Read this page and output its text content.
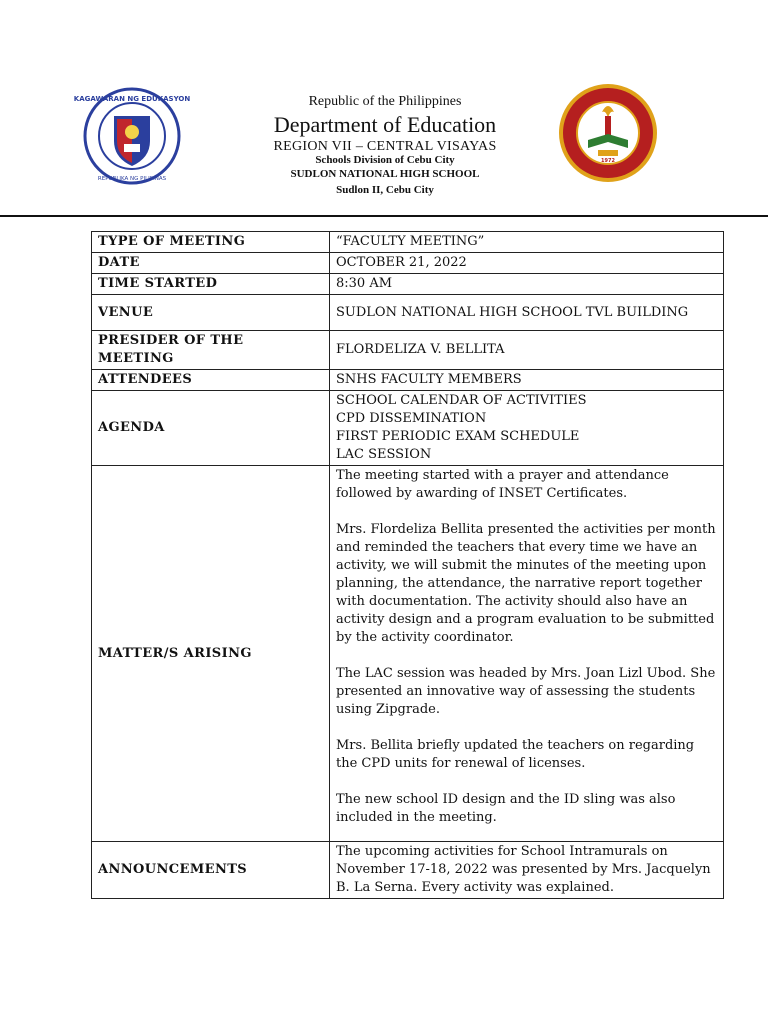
KAGAWARAN NG EDUKASYON
REPUBLIKA NG PILIPINAS
Republic of the Philippines
Department of Education
REGION VII – CENTRAL VISAYAS
Schools Division of Cebu City
SUDLON NATIONAL HIGH SCHOOL
Sudlon II, Cebu City
1972
TYPE OF MEETING	“FACULTY MEETING”
DATE	OCTOBER 21, 2022
TIME STARTED	8:30 AM
VENUE	SUDLON NATIONAL HIGH SCHOOL TVL BUILDING
PRESIDER OF THE MEETING	FLORDELIZA V. BELLITA
ATTENDEES	SNHS FACULTY MEMBERS
AGENDA	SCHOOL CALENDAR OF ACTIVITIES
CPD DISSEMINATION
FIRST PERIODIC EXAM SCHEDULE
LAC SESSION

MATTER/S ARISING	The meeting started with a prayer and attendance followed by awarding of INSET Certificates.

Mrs. Flordeliza Bellita presented the activities per month and reminded the teachers that every time we have an activity, we will submit the minutes of the meeting upon planning, the attendance, the narrative report together with documentation. The activity should also have an activity design and a program evaluation to be submitted by the activity coordinator.

The LAC session was headed by Mrs. Joan Lizl Ubod. She presented an innovative way of assessing the students using Zipgrade.

Mrs. Bellita briefly updated the teachers on regarding the CPD units for renewal of licenses.

The new school ID design and the ID sling was also included in the meeting.

ANNOUNCEMENTS	The upcoming activities for School Intramurals on November 17-18, 2022 was presented by Mrs. Jacquelyn B. La Serna. Every activity was explained.
